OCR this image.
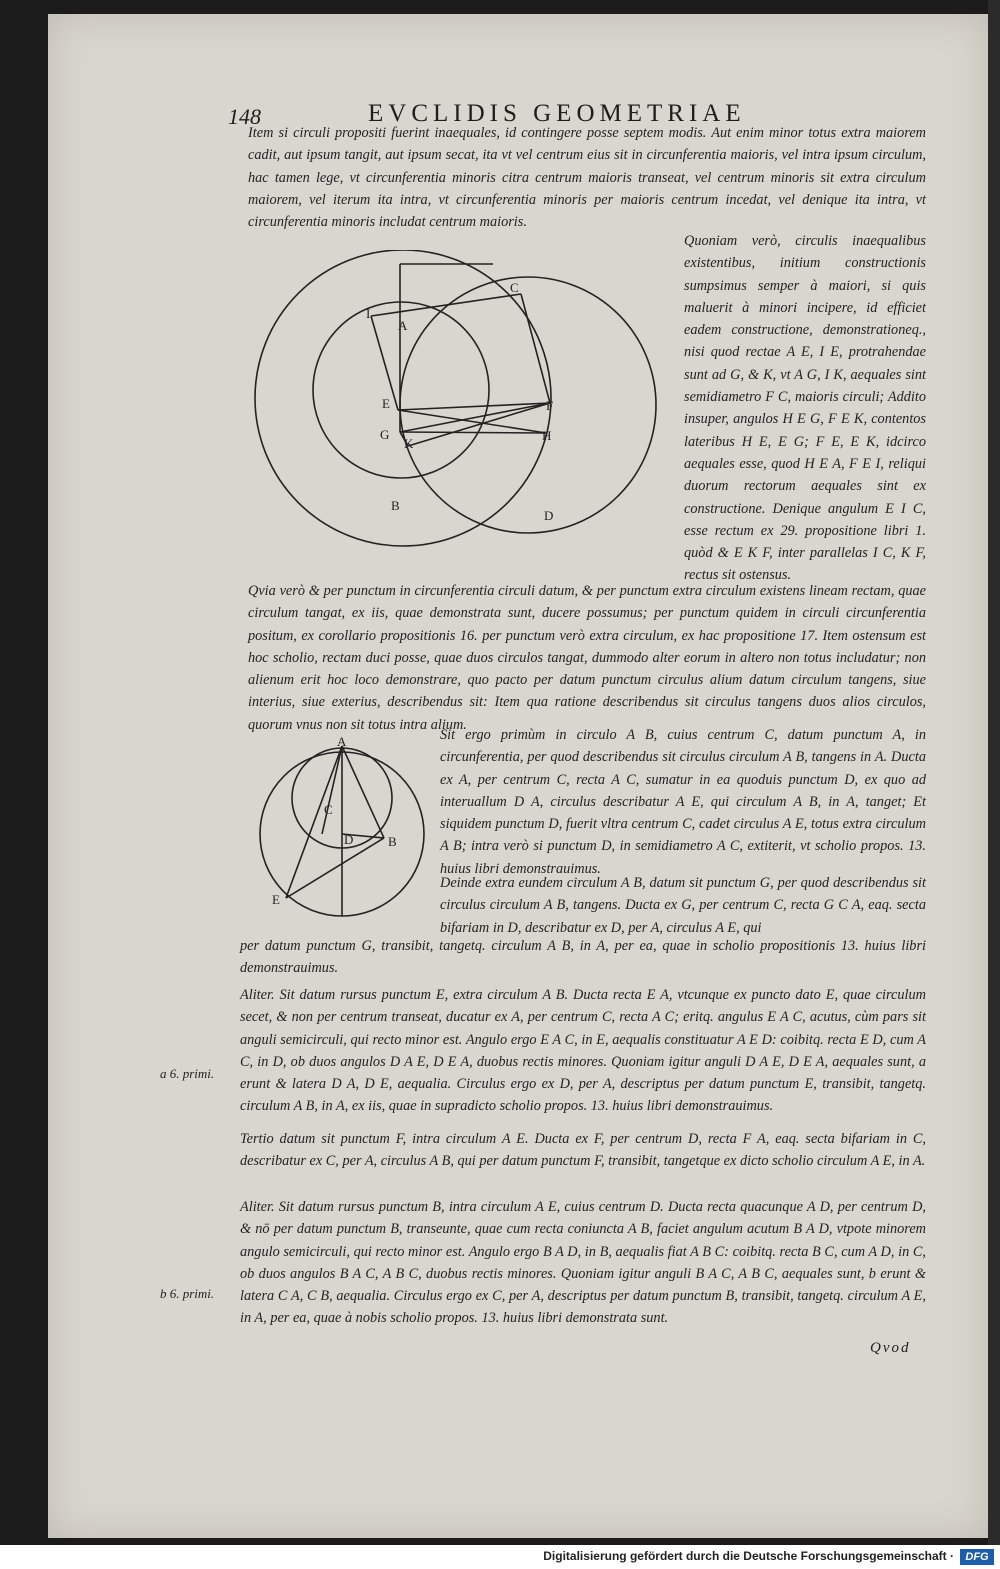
148	EVCLIDIS GEOMETRIAE

Item si circuli propositi fuerint inaequales, id contingere posse septem modis. Aut enim minor totus extra maiorem cadit, aut ipsum tangit, aut ipsum secat, ita vt vel centrum eius sit in circunferentia maioris, vel intra ipsum circulum, hac tamen lege, vt circunferentia minoris citra centrum maioris transeat, vel centrum minoris sit extra circulum maiorem, vel iterum ita intra, vt circunferentia minoris per maioris centrum incedat, vel denique ita intra, vt circunferentia minoris includat centrum maioris.

I
A
C
E	F
G
K
H
B
D

Quoniam verò, circulis inaequalibus existentibus, initium constructionis sumpsimus semper à maiori, si quis maluerit à minori incipere, id efficiet eadem constructione, demonstrationeq., nisi quod rectae A E, I E, protrahendae sunt ad G, & K, vt A G, I K, aequales sint semidiametro F C, maioris circuli; Addito insuper, angulos H E G, F E K, contentos lateribus H E, E G; F E, E K, idcirco aequales esse, quod H E A, F E I, reliqui duorum rectorum aequales sint ex constructione. Denique angulum E I C, esse rectum ex 29. propositione libri 1. quòd & E K F, inter parallelas I C, K F, rectus sit ostensus.

Qvia verò & per punctum in circunferentia circuli datum, & per punctum extra circulum existens lineam rectam, quae circulum tangat, ex iis, quae demonstrata sunt, ducere possumus; per punctum quidem in circuli circunferentia positum, ex corollario propositionis 16. per punctum verò extra circulum, ex hac propositione 17. Item ostensum est hoc scholio, rectam duci posse, quae duos circulos tangat, dummodo alter eorum in altero non totus includatur; non alienum erit hoc loco demonstrare, quo pacto per datum punctum circulus alium datum circulum tangens, siue interius, siue exterius, describendus sit: Item qua ratione describendus sit circulus tangens duos alios circulos, quorum vnus non sit totus intra alium.

A
C
D	B
E

Sit ergo primùm in circulo A B, cuius centrum C, datum punctum A, in circunferentia, per quod describendus sit circulus circulum A B, tangens in A. Ducta ex A, per centrum C, recta A C, sumatur in ea quoduis punctum D, ex quo ad interuallum D A, circulus describatur A E, qui circulum A B, in A, tanget; Et siquidem punctum D, fuerit vltra centrum C, cadet circulus A E, totus extra circulum A B; intra verò si punctum D, in semidiametro A C, extiterit, vt scholio propos. 13. huius libri demonstrauimus.

Deinde extra eundem circulum A B, datum sit punctum G, per quod describendus sit circulus circulum A B, tangens. Ducta ex G, per centrum C, recta G C A, eaq. secta bifariam in D, describatur ex D, per A, circulus A E, qui

per datum punctum G, transibit, tangetq. circulum A B, in A, per ea, quae in scholio propositionis 13. huius libri demonstrauimus.

Aliter. Sit datum rursus punctum E, extra circulum A B. Ducta recta E A, vtcunque ex puncto dato E, quae circulum secet, & non per centrum transeat, ducatur ex A, per centrum C, recta A C; eritq. angulus E A C, acutus, cùm pars sit anguli semicirculi, qui recto minor est. Angulo ergo E A C, in E, aequalis constituatur A E D: coibitq. recta E D, cum A C, in D, ob duos angulos D A E, D E A, duobus rectis minores. Quoniam igitur anguli D A E, D E A, aequales sunt, a erunt & latera D A, D E, aequalia. Circulus ergo ex D, per A, descriptus per datum punctum E, transibit, tangetq. circulum A B, in A, ex iis, quae in supradicto scholio propos. 13. huius libri demonstrauimus.

Tertio datum sit punctum F, intra circulum A E. Ducta ex F, per centrum D, recta F A, eaq. secta bifariam in C, describatur ex C, per A, circulus A B, qui per datum punctum F, transibit, tangetque ex dicto scholio circulum A E, in A.

Aliter. Sit datum rursus punctum B, intra circulum A E, cuius centrum D. Ducta recta quacunque A D, per centrum D, & nō per datum punctum B, transeunte, quae cum recta coniuncta A B, faciet angulum acutum B A D, vtpote minorem angulo semicirculi, qui recto minor est. Angulo ergo B A D, in B, aequalis fiat A B C: coibitq. recta B C, cum A D, in C, ob duos angulos B A C, A B C, duobus rectis minores. Quoniam igitur anguli B A C, A B C, aequales sunt, b erunt & latera C A, C B, aequalia. Circulus ergo ex C, per A, descriptus per datum punctum B, transibit, tangetq. circulum A E, in A, per ea, quae à nobis scholio propos. 13. huius libri demonstrata sunt.

a 6. primi.
b 6. primi.
Qvod
Digitalisierung gefördert durch die Deutsche Forschungsgemeinschaft ·	DFG
